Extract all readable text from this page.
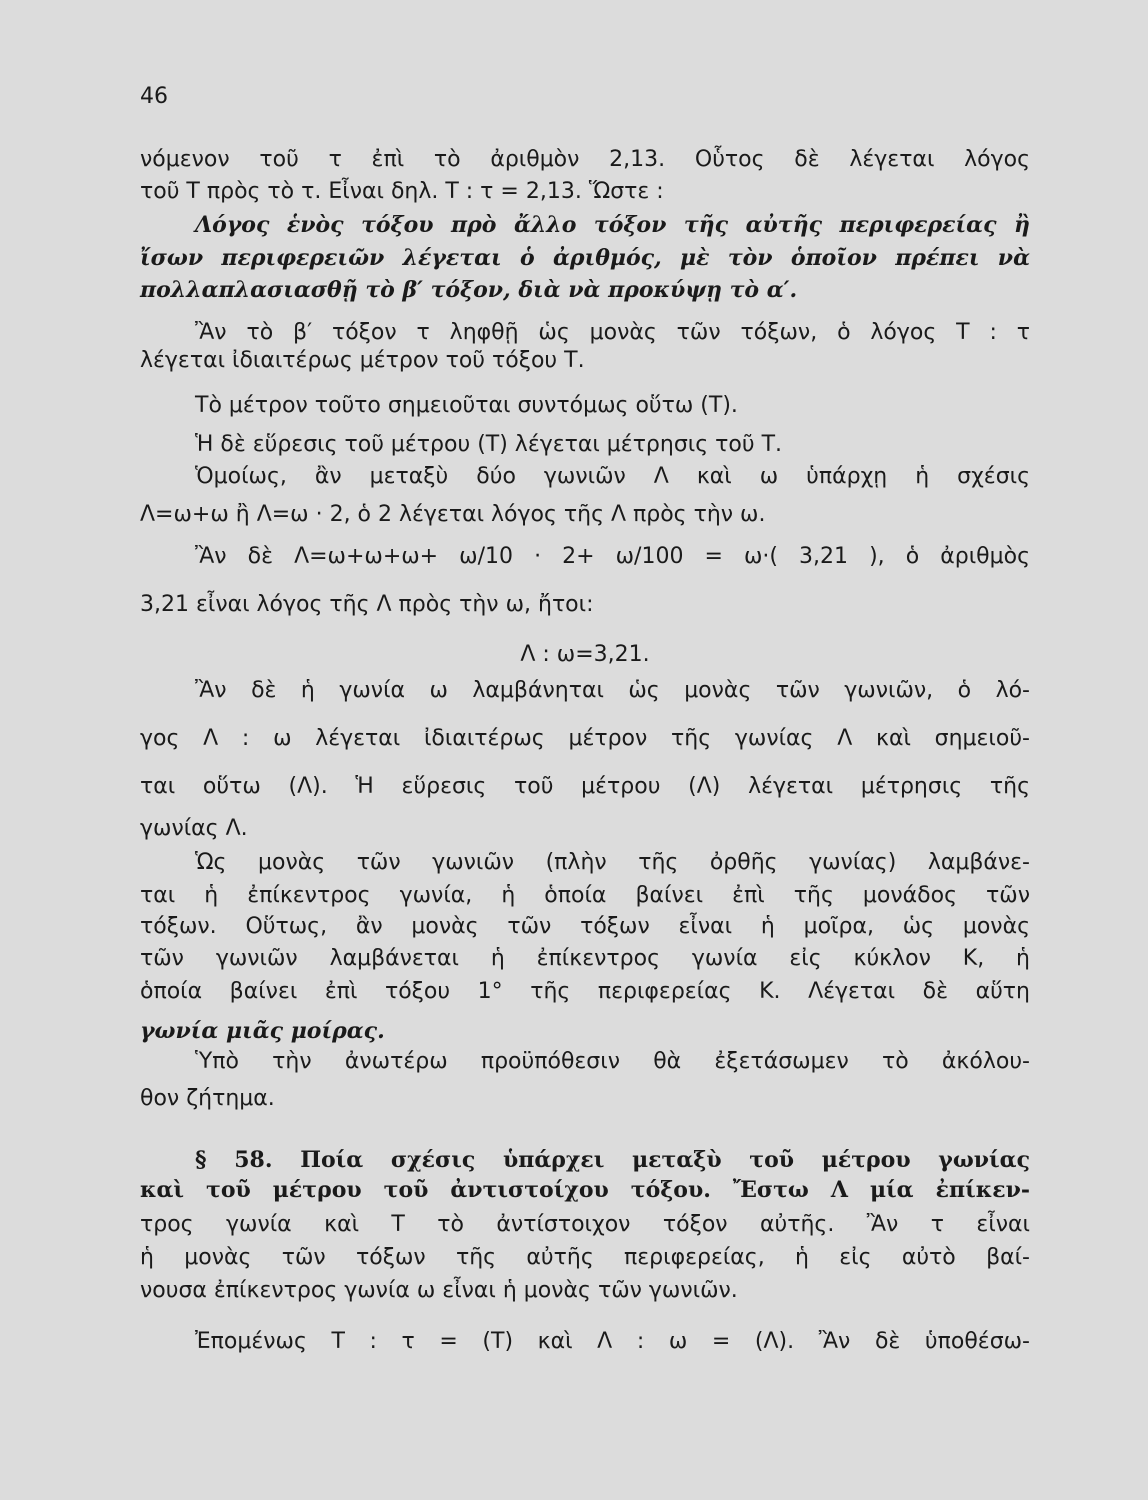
46
νόμενον τοῦ τ ἐπὶ τὸ ἀριθμὸν 2,13. Οὗτος δὲ λέγεται λόγος
τοῦ Τ πρὸς τὸ τ. Εἶναι δηλ. Τ : τ = 2,13. Ὥστε :
Λόγος ἑνὸς τόξου πρὸ ἄλλο τόξον τῆς αὐτῆς περιφερείας ἢ
ἴσων περιφερειῶν λέγεται ὁ ἀριθμός, μὲ τὸν ὁποῖον πρέπει νὰ
πολλαπλασιασθῇ τὸ β′ τόξον, διὰ νὰ προκύψῃ τὸ α′.
Ἂν τὸ β′ τόξον τ ληφθῇ ὡς μονὰς τῶν τόξων, ὁ λόγος Τ : τ
λέγεται ἰδιαιτέρως μέτρον τοῦ τόξου Τ.
Τὸ μέτρον τοῦτο σημειοῦται συντόμως οὕτω (Τ).
Ἡ δὲ εὕρεσις τοῦ μέτρου (Τ) λέγεται μέτρησις τοῦ Τ.
Ὁμοίως, ἂν μεταξὺ δύο γωνιῶν Λ καὶ ω ὑπάρχῃ ἡ σχέσις
Λ=ω+ω ἢ Λ=ω · 2, ὁ 2 λέγεται λόγος τῆς Λ πρὸς τὴν ω.
Ἂν δὲ Λ=ω+ω+ω+ ω/10 · 2+ ω/100 = ω·( 3,21 ), ὁ ἀριθμὸς
3,21 εἶναι λόγος τῆς Λ πρὸς τὴν ω, ἤτοι:
Λ : ω=3,21.
Ἂν δὲ ἡ γωνία ω λαμβάνηται ὡς μονὰς τῶν γωνιῶν, ὁ λό-
γος Λ : ω λέγεται ἰδιαιτέρως μέτρον τῆς γωνίας Λ καὶ σημειοῦ-
ται οὕτω (Λ). Ἡ εὕρεσις τοῦ μέτρου (Λ) λέγεται μέτρησις τῆς
γωνίας Λ.
Ὡς μονὰς τῶν γωνιῶν (πλὴν τῆς ὀρθῆς γωνίας) λαμβάνε-
ται ἡ ἐπίκεντρος γωνία, ἡ ὁποία βαίνει ἐπὶ τῆς μονάδος τῶν
τόξων. Οὕτως, ἂν μονὰς τῶν τόξων εἶναι ἡ μοῖρα, ὡς μονὰς
τῶν γωνιῶν λαμβάνεται ἡ ἐπίκεντρος γωνία εἰς κύκλον Κ, ἡ
ὁποία βαίνει ἐπὶ τόξου 1° τῆς περιφερείας Κ. Λέγεται δὲ αὕτη
γωνία μιᾶς μοίρας.
Ὑπὸ τὴν ἀνωτέρω προϋπόθεσιν θὰ ἐξετάσωμεν τὸ ἀκόλου-
θον ζήτημα.
§ 58. Ποία σχέσις ὑπάρχει μεταξὺ τοῦ μέτρου γωνίας
καὶ τοῦ μέτρου τοῦ ἀντιστοίχου τόξου. Ἔστω Λ μία ἐπίκεν-
τρος γωνία καὶ Τ τὸ ἀντίστοιχον τόξον αὐτῆς. Ἂν τ εἶναι
ἡ μονὰς τῶν τόξων τῆς αὐτῆς περιφερείας, ἡ εἰς αὐτὸ βαί-
νουσα ἐπίκεντρος γωνία ω εἶναι ἡ μονὰς τῶν γωνιῶν.
Ἐπομένως Τ : τ = (Τ) καὶ Λ : ω = (Λ). Ἂν δὲ ὑποθέσω-
